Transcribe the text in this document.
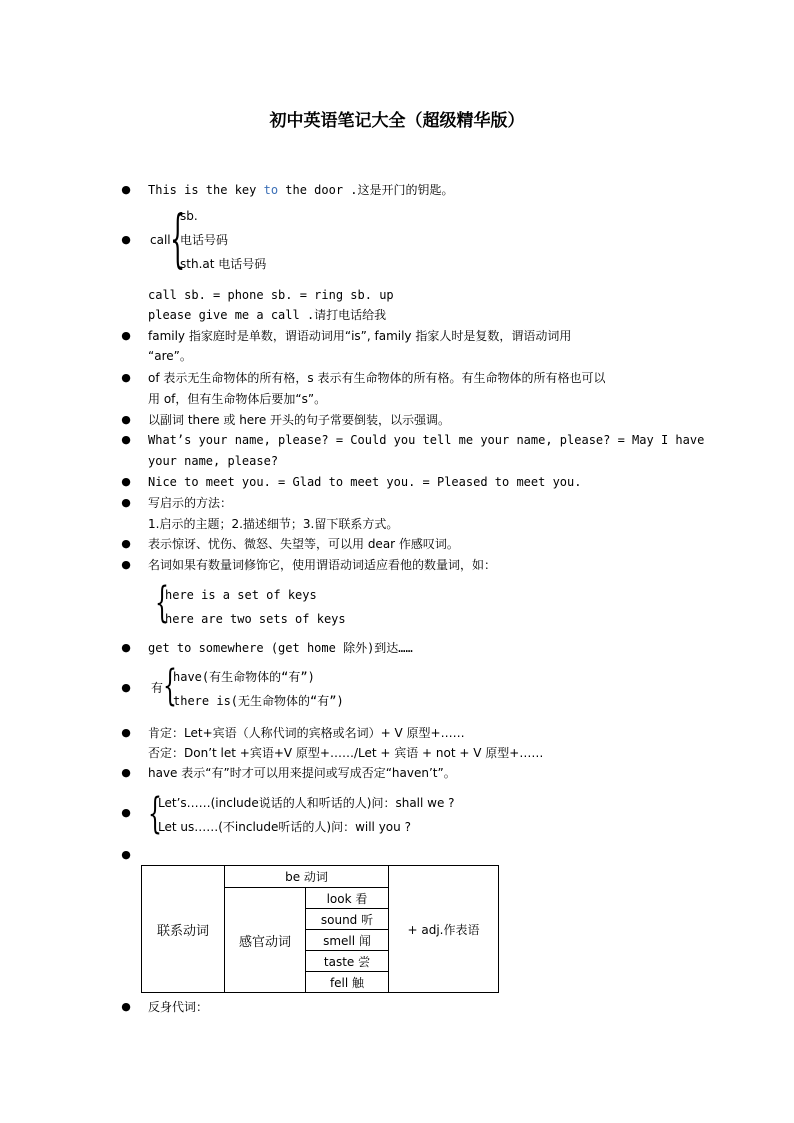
初中英语笔记大全（超级精华版）
● This is the key to the door .这是开门的钥匙。
● call {
sb.
电话号码
sth.at 电话号码
call sb. = phone sb. = ring sb. up
please give me a call .请打电话给我
● family 指家庭时是单数，谓语动词用“is”, family 指家人时是复数，谓语动词用
“are”。
● of 表示无生命物体的所有格，s 表示有生命物体的所有格。有生命物体的所有格也可以
用 of，但有生命物体后要加“s”。
● 以副词 there 或 here 开头的句子常要倒装，以示强调。
● What’s your name, please? = Could you tell me your name, please? = May I have
your name, please?
● Nice to meet you. = Glad to meet you. = Pleased to meet you.
● 写启示的方法：
1.启示的主题；2.描述细节；3.留下联系方式。
● 表示惊讶、忧伤、微怒、失望等，可以用 dear 作感叹词。
● 名词如果有数量词修饰它，使用谓语动词适应看他的数量词，如：
{
here is a set of keys
here are two sets of keys
● get to somewhere (get home 除外)到达……
● 有 {
have(有生命物体的“有”)
there is(无生命物体的“有”)
● 肯定：Let+宾语（人称代词的宾格或名词）+ V 原型+……
否定：Don’t let +宾语+V 原型+……/Let + 宾语 + not + V 原型+……
● have 表示“有”时才可以用来提问或写成否定“haven’t”。
● {
Let’s……(include说话的人和听话的人)问：shall we ?
Let us……(不include听话的人)问：will you ?
●
联系动词	be 动词		+ adj.作表语
	感官动词	look 看	
		sound 听	
		smell 闻	
		taste 尝	
		fell 触	
● 反身代词：
